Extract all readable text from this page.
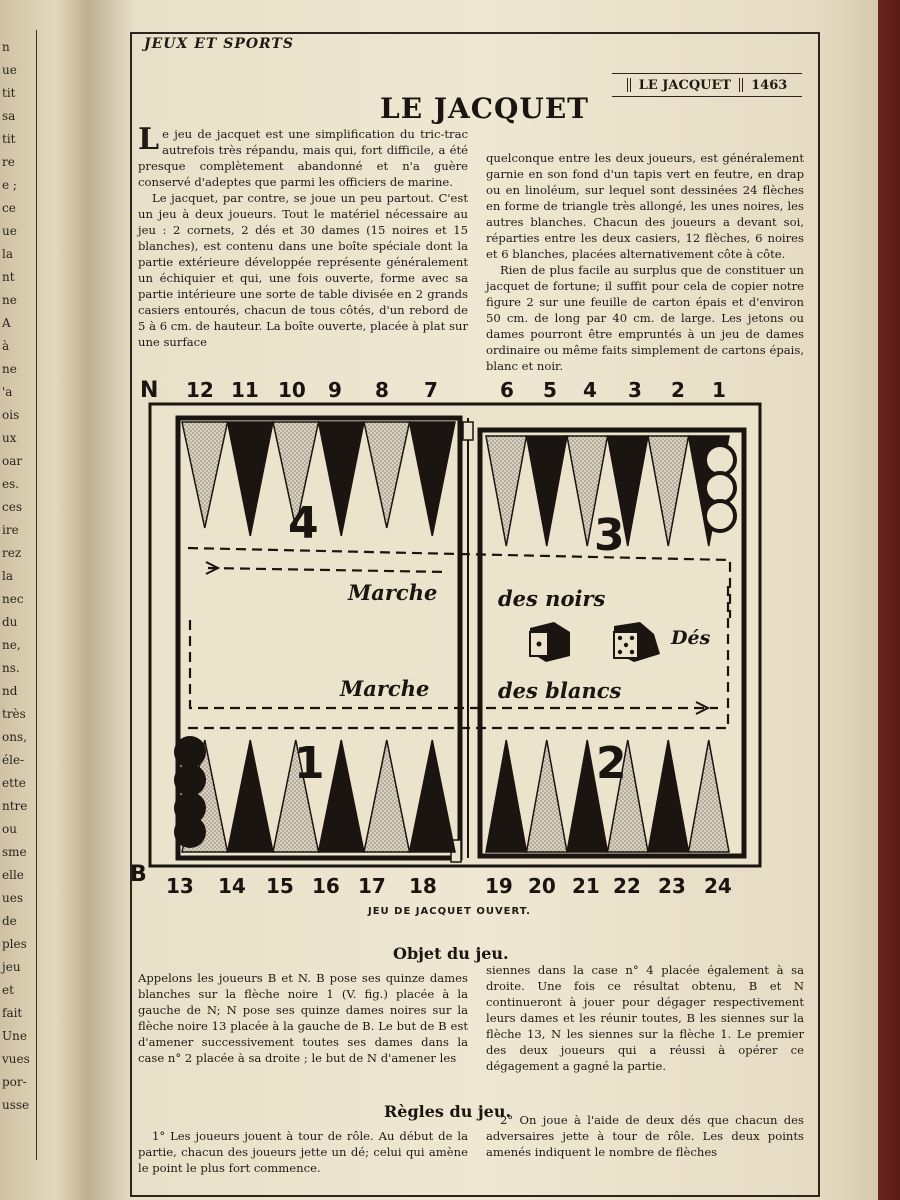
n
ue
tit
sa
tit
re
e ;
ce
ue
la
nt
ne
A
à
ne
'a
ois
ux
oar
es.
ces
ire
rez
la
nec
du
ne,
ns.
nd
très
ons,
éle-
ette
ntre
ou
sme
elle
ues
de
ples
jeu
et
fait
Une
vues
por-
usse
JEUX ET SPORTS
LE JACQUET 1463
LE JACQUET

Le jeu de jacquet est une simplification du tric-trac autrefois très répandu, mais qui, fort difficile, a été presque complètement abandonné et n'a guère conservé d'adeptes que parmi les officiers de marine.

Le jacquet, par contre, se joue un peu partout. C'est un jeu à deux joueurs. Tout le matériel nécessaire au jeu : 2 cornets, 2 dés et 30 dames (15 noires et 15 blanches), est contenu dans une boîte spéciale dont la partie extérieure développée représente généralement un échiquier et qui, une fois ouverte, forme avec sa partie intérieure une sorte de table divisée en 2 grands casiers entourés, chacun de tous côtés, d'un rebord de 5 à 6 cm. de hauteur. La boîte ouverte, placée à plat sur une surface

quelconque entre les deux joueurs, est généralement garnie en son fond d'un tapis vert en feutre, en drap ou en linoléum, sur lequel sont dessinées 24 flèches en forme de triangle très allongé, les unes noires, les autres blanches. Chacun des joueurs a devant soi, réparties entre les deux casiers, 12 flèches, 6 noires et 6 blanches, placées alternativement côte à côte.

Rien de plus facile au surplus que de constituer un jacquet de fortune; il suffit pour cela de copier notre figure 2 sur une feuille de carton épais et d'environ 50 cm. de long par 40 cm. de large. Les jetons ou dames pourront être empruntés à un jeu de dames ordinaire ou même faits simplement de cartons épais, blanc et noir.

Objet du jeu.

Appelons les joueurs B et N. B pose ses quinze dames blanches sur la flèche noire 1 (V. fig.) placée à la gauche de N; N pose ses quinze dames noires sur la flèche noire 13 placée à la gauche de B. Le but de B est d'amener successivement toutes ses dames dans la case n° 2 placée à sa droite ; le but de N d'amener les

siennes dans la case n° 4 placée également à sa droite. Une fois ce résultat obtenu, B et N continueront à jouer pour dégager respectivement leurs dames et les réunir toutes, B les siennes sur la flèche 13, N les siennes sur la flèche 1. Le premier des deux joueurs qui a réussi à opérer ce dégagement a gagné la partie.

Règles du jeu.

1° Les joueurs jouent à tour de rôle. Au début de la partie, chacun des joueurs jette un dé; celui qui amène le point le plus fort commence.

2° On joue à l'aide de deux dés que chacun des adversaires jette à tour de rôle. Les deux points amenés indiquent le nombre de flèches

N
B
12 11 10 9 8 7	6 5 4 3 2 1
13 14 15 16 17 18 19 20 21 22 23 24
Marche	des noirs
Marche	des blancs
Dés
4	3
1	2
JEU DE JACQUET OUVERT.
